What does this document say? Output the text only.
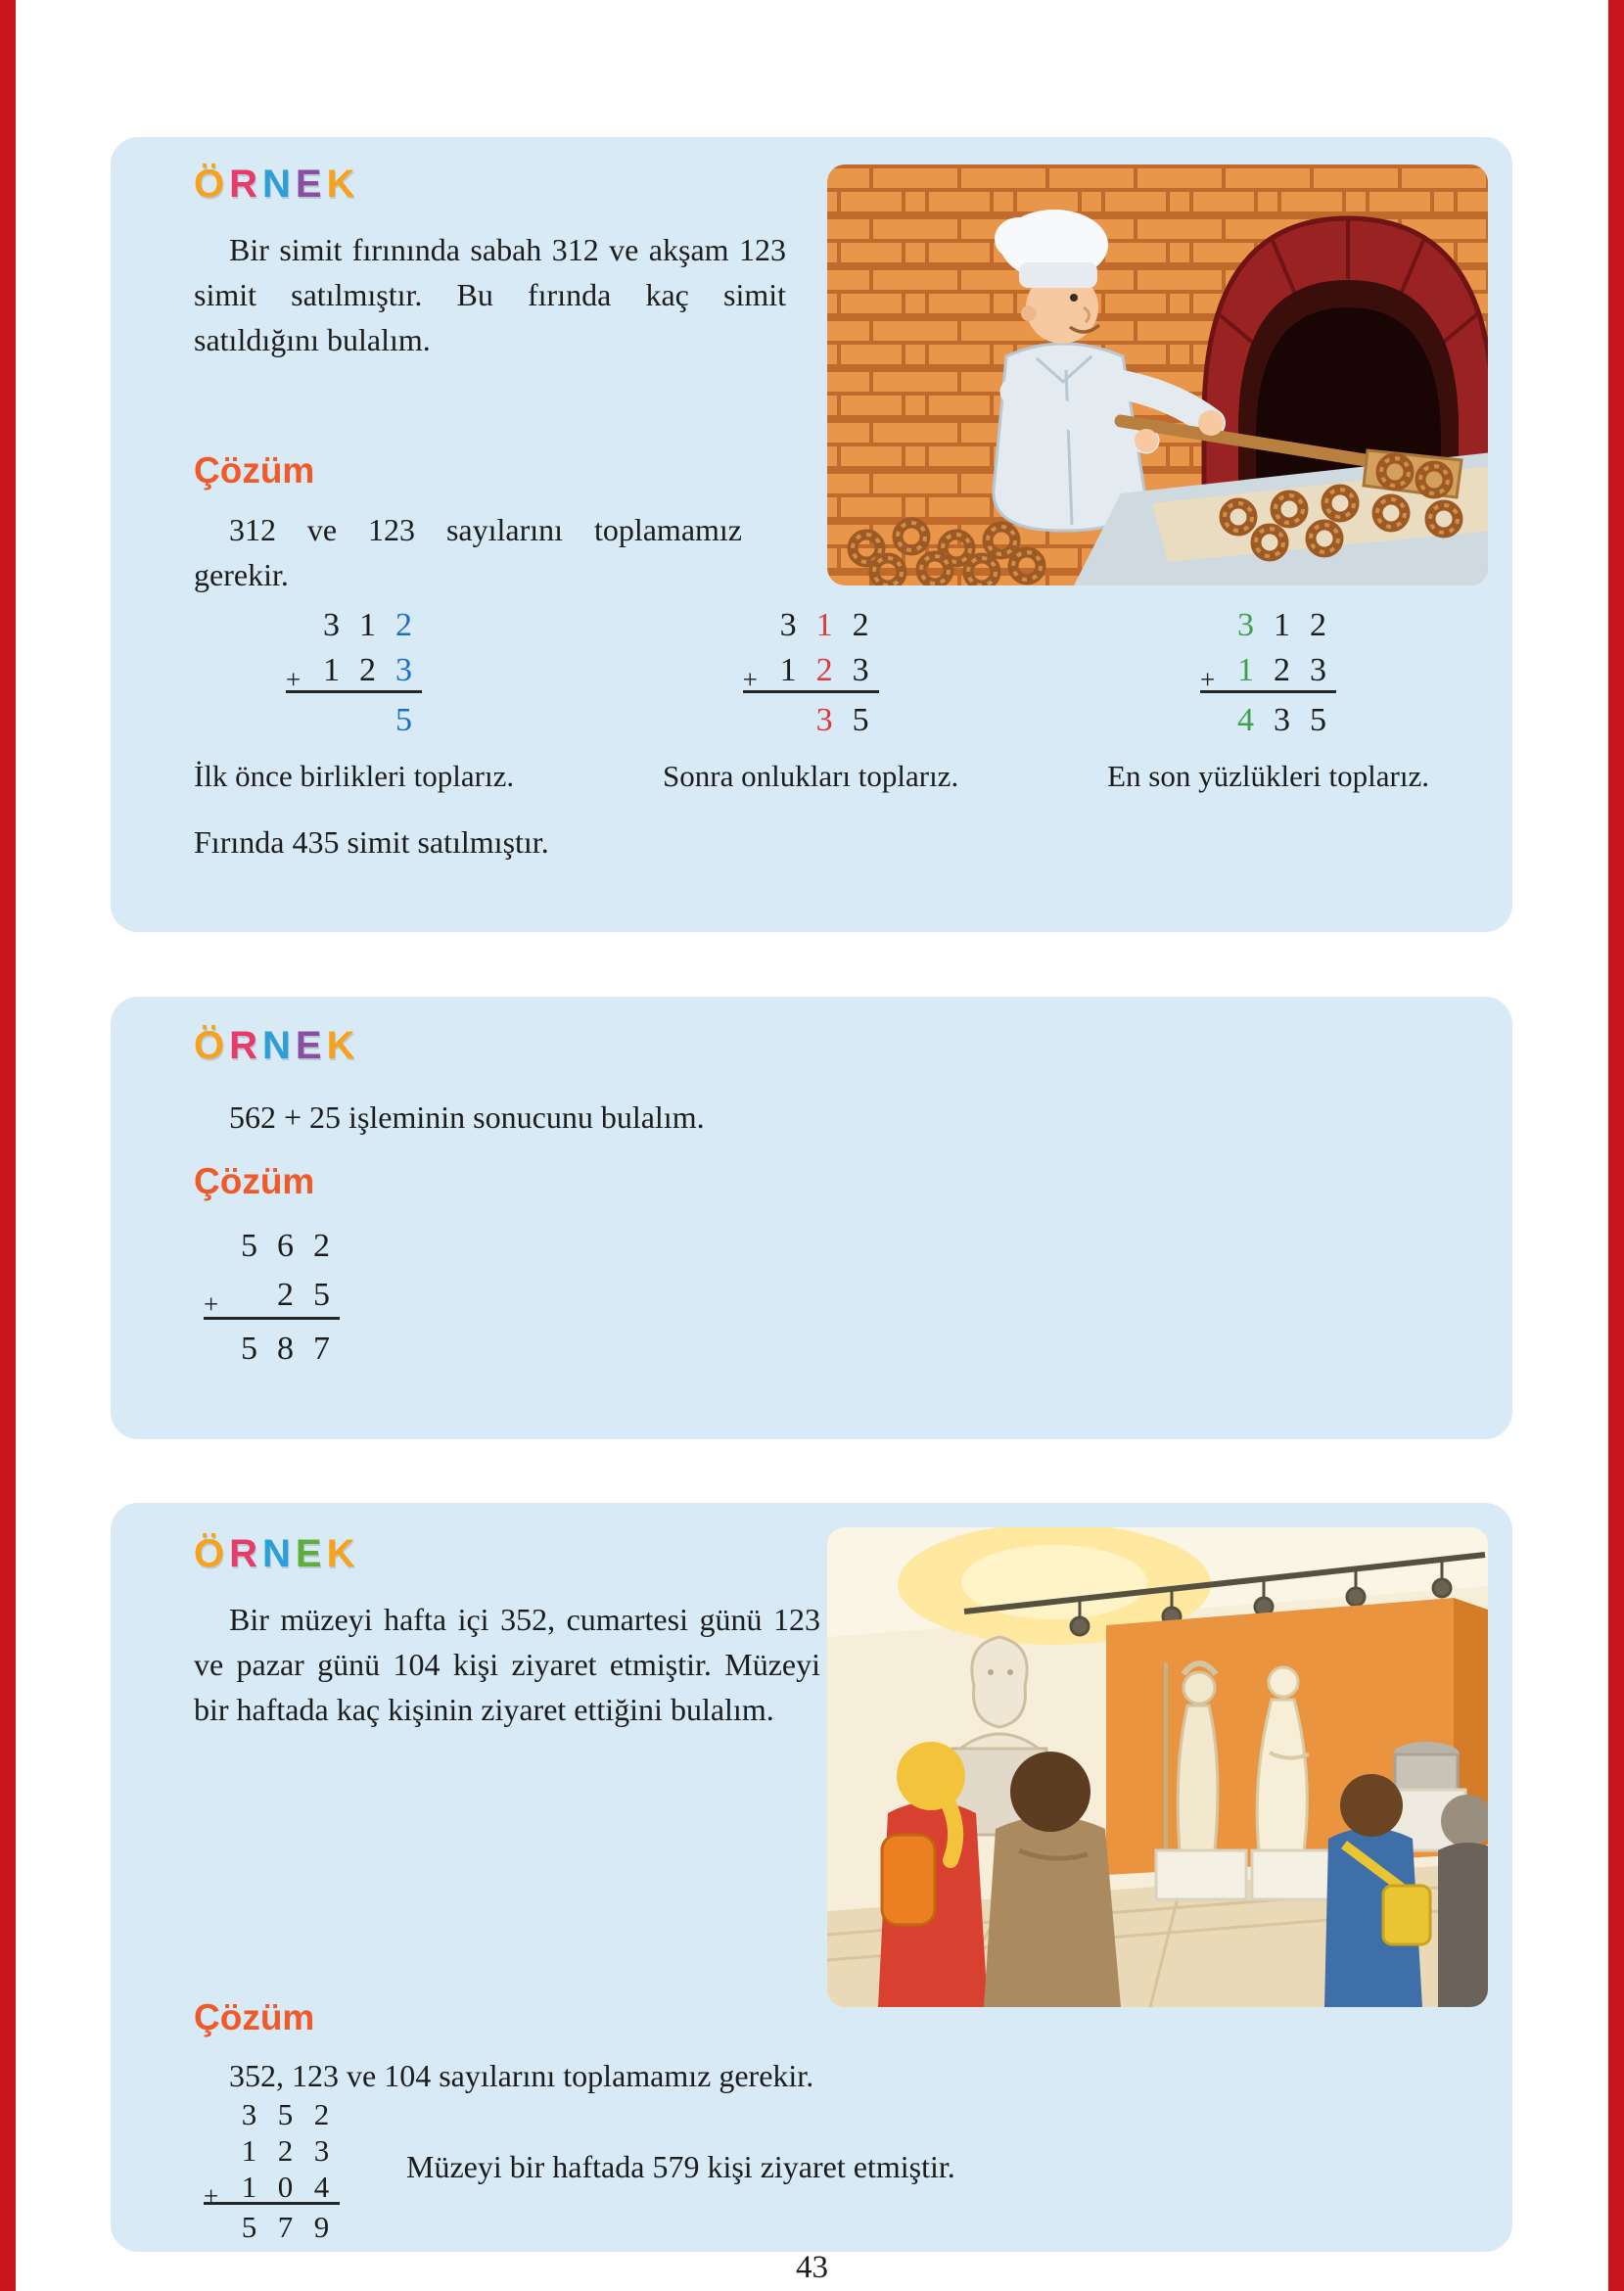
ÖRNEK
Bir simit fırınında sabah 312 ve akşam 123 simit satılmıştır. Bu fırında kaç simit satıldığını bulalım.
Çözüm
312 ve 123 sayılarını toplamamız gerekir.
3 1 2
+ 1 2 3
5
İlk önce birlikleri toplarız.
3 1 2
+ 1 2 3
3 5
Sonra onlukları toplarız.
3 1 2
+ 1 2 3
4 3 5
En son yüzlükleri toplarız.
Fırında 435 simit satılmıştır.
ÖRNEK
562 + 25 işleminin sonucunu bulalım.
Çözüm
5 6 2
+ 2 5
5 8 7
ÖRNEK
Bir müzeyi hafta içi 352, cumartesi günü 123 ve pazar günü 104 kişi ziyaret etmiştir. Müzeyi bir haftada kaç kişinin ziyaret ettiğini bulalım.
Çözüm
352, 123 ve 104 sayılarını toplamamız gerekir.
3 5 2
1 2 3
+ 1 0 4
5 7 9
Müzeyi bir haftada 579 kişi ziyaret etmiştir.
43
